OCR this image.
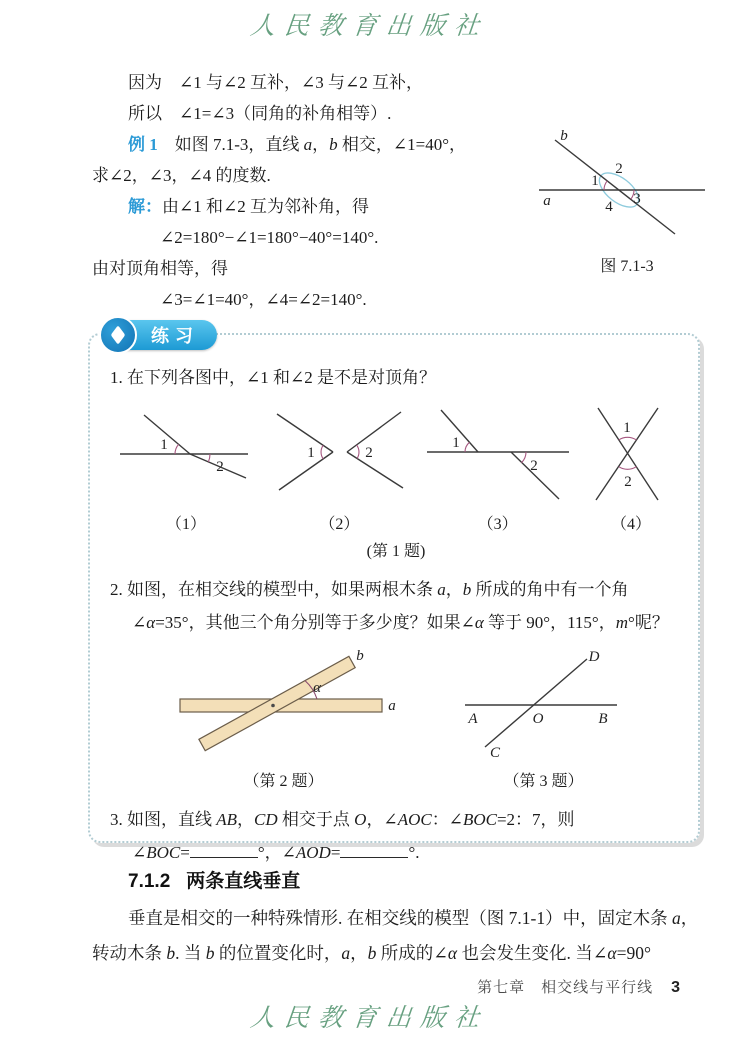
人民教育出版社
因为　∠1 与∠2 互补，∠3 与∠2 互补，
所以　∠1=∠3（同角的补角相等）.
例 1　如图 7.1-3，直线 a，b 相交，∠1=40°，
求∠2，∠3，∠4 的度数.
解：由∠1 和∠2 互为邻补角，得
∠2=180°−∠1=180°−40°=140°.
由对顶角相等，得
∠3=∠1=40°，∠4=∠2=140°.
b
a
1
2
3
4
图 7.1-3
练习
1. 在下列各图中，∠1 和∠2 是不是对顶角？
1
2
（1）
1	2
（2）
1
2
（3）
1
2
（4）
(第 1 题)
2. 如图，在相交线的模型中，如果两根木条 a，b 所成的角中有一个角
∠α=35°，其他三个角分别等于多少度？如果∠α 等于 90°，115°，m°呢？
α
b
a
（第 2 题）
A	O	B
D
C
（第 3 题）
3. 如图，直线 AB，CD 相交于点 O，∠AOC：∠BOC=2：7，则
∠BOC=	°，∠AOD=	°.
7.1.2 两条直线垂直
垂直是相交的一种特殊情形. 在相交线的模型（图 7.1-1）中，固定木条 a，
转动木条 b. 当 b 的位置变化时，a，b 所成的∠α 也会发生变化. 当∠α=90°
第七章　相交线与平行线 3
人民教育出版社
